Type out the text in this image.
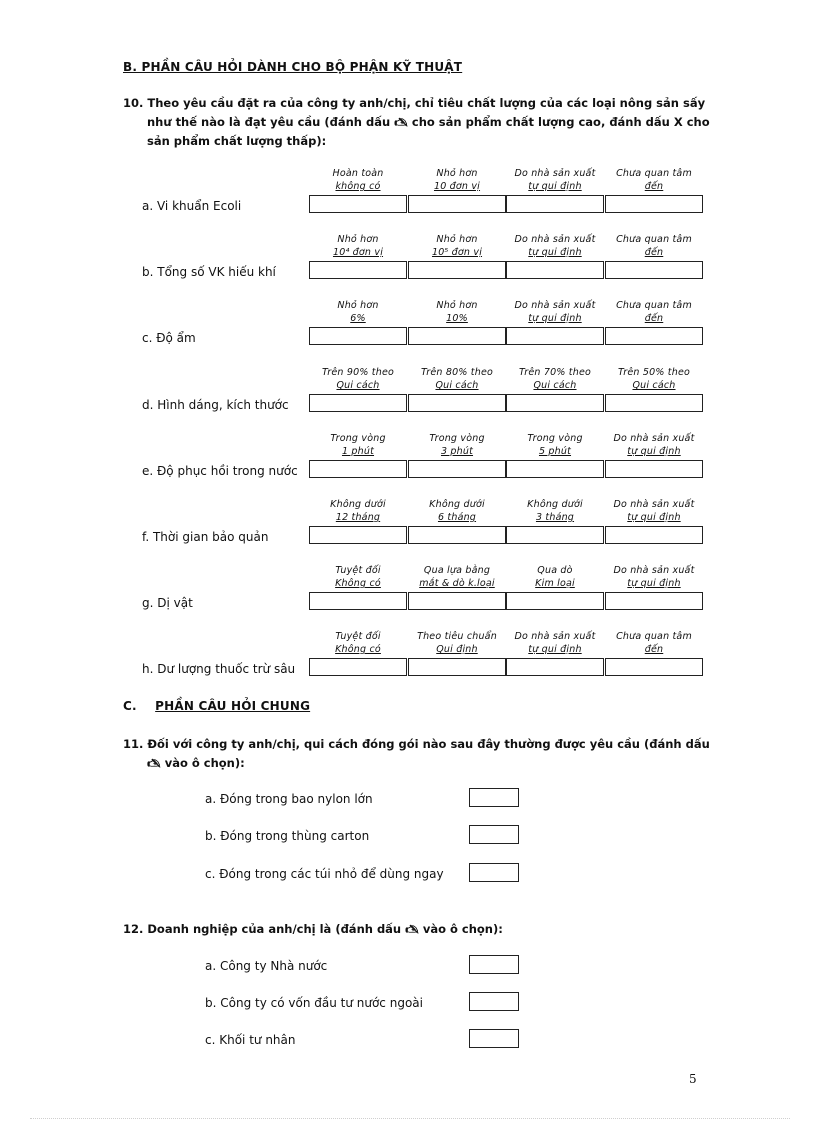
B. PHẦN CÂU HỎI DÀNH CHO BỘ PHẬN KỸ THUẬT
10. Theo yêu cầu đặt ra của công ty anh/chị, chỉ tiêu chất lượng của các loại nông sản sấy như thế nào là đạt yêu cầu (đánh dấu 🖎 cho sản phẩm chất lượng cao, đánh dấu X cho sản phẩm chất lượng thấp):
Hoàn toàn
không có
Nhỏ hơn
10 đơn vị
Do nhà sản xuất
tự qui định
Chưa quan tâm
đến
a. Vi khuẩn Ecoli
Nhỏ hơn
10⁴ đơn vị
Nhỏ hơn
10⁵ đơn vị
Do nhà sản xuất
tự qui định
Chưa quan tâm
đến
b. Tổng số VK hiếu khí
Nhỏ hơn
6%
Nhỏ hơn
10%
Do nhà sản xuất
tự qui định
Chưa quan tâm
đến
c. Độ ẩm
Trên 90% theo
Qui cách
Trên 80% theo
Qui cách
Trên 70% theo
Qui cách
Trên 50% theo
Qui cách
d. Hình dáng, kích thước
Trong vòng
1 phút
Trong vòng
3 phút
Trong vòng
5 phút
Do nhà sản xuất
tự qui định
e. Độ phục hồi trong nước
Không dưới
12 tháng
Không dưới
6 tháng
Không dưới
3 tháng
Do nhà sản xuất
tự qui định
f. Thời gian bảo quản
Tuyệt đối
Không có
Qua lựa bằng
mắt & dò k.loại
Qua dò
Kim loại
Do nhà sản xuất
tự qui định
g. Dị vật
Tuyệt đối
Không có
Theo tiêu chuẩn
Qui định
Do nhà sản xuất
tự qui định
Chưa quan tâm
đến
h. Dư lượng thuốc trừ sâu
C. PHẦN CÂU HỎI CHUNG
11. Đối với công ty anh/chị, qui cách đóng gói nào sau đây thường được yêu cầu (đánh dấu 🖎 vào ô chọn):
a. Đóng trong bao nylon lớn
b. Đóng trong thùng carton
c. Đóng trong các túi nhỏ để dùng ngay
12. Doanh nghiệp của anh/chị là (đánh dấu 🖎 vào ô chọn):
a. Công ty Nhà nước
b. Công ty có vốn đầu tư nước ngoài
c. Khối tư nhân
5
